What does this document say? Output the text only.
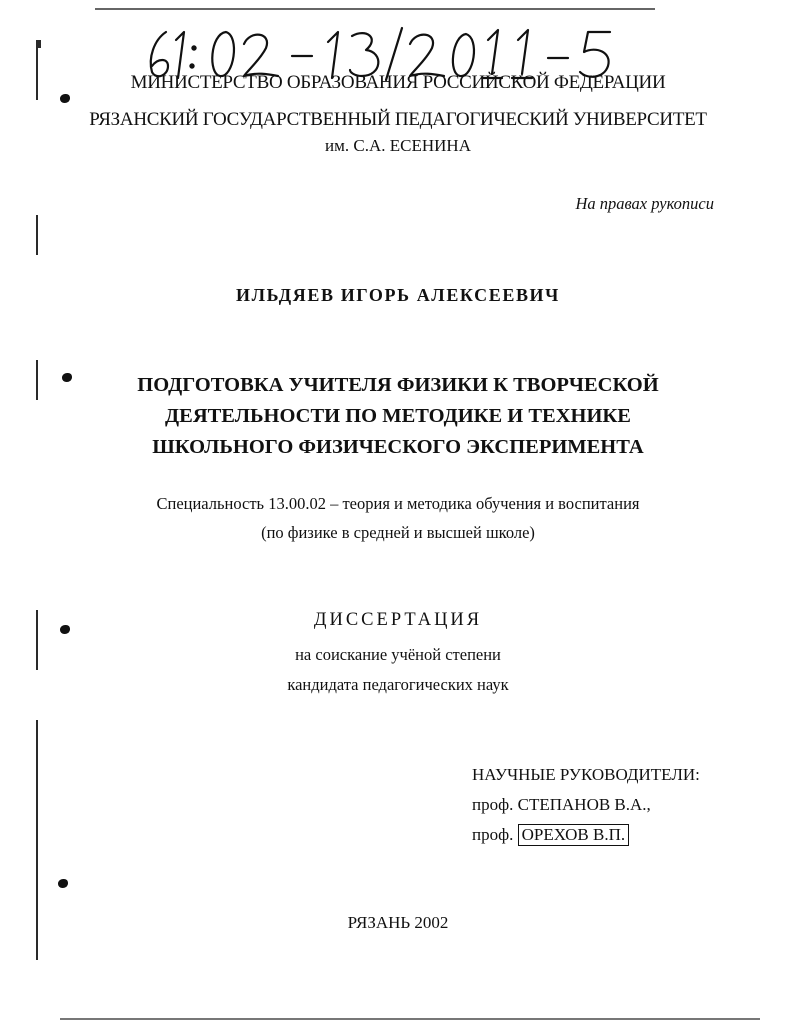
МИНИСТЕРСТВО ОБРАЗОВАНИЯ РОССИЙСКОЙ ФЕДЕРАЦИИ
РЯЗАНСКИЙ ГОСУДАРСТВЕННЫЙ ПЕДАГОГИЧЕСКИЙ УНИВЕРСИТЕТ
им. С.А. ЕСЕНИНА
На правах рукописи
ИЛЬДЯЕВ ИГОРЬ АЛЕКСЕЕВИЧ
ПОДГОТОВКА УЧИТЕЛЯ ФИЗИКИ К ТВОРЧЕСКОЙ
ДЕЯТЕЛЬНОСТИ ПО МЕТОДИКЕ И ТЕХНИКЕ
ШКОЛЬНОГО ФИЗИЧЕСКОГО ЭКСПЕРИМЕНТА
Специальность 13.00.02 – теория и методика обучения и воспитания
(по физике в средней и высшей школе)
ДИССЕРТАЦИЯ
на соискание учёной степени
кандидата педагогических наук
НАУЧНЫЕ РУКОВОДИТЕЛИ:
проф. СТЕПАНОВ В.А.,
проф. ОРЕХОВ В.П.
РЯЗАНЬ 2002
